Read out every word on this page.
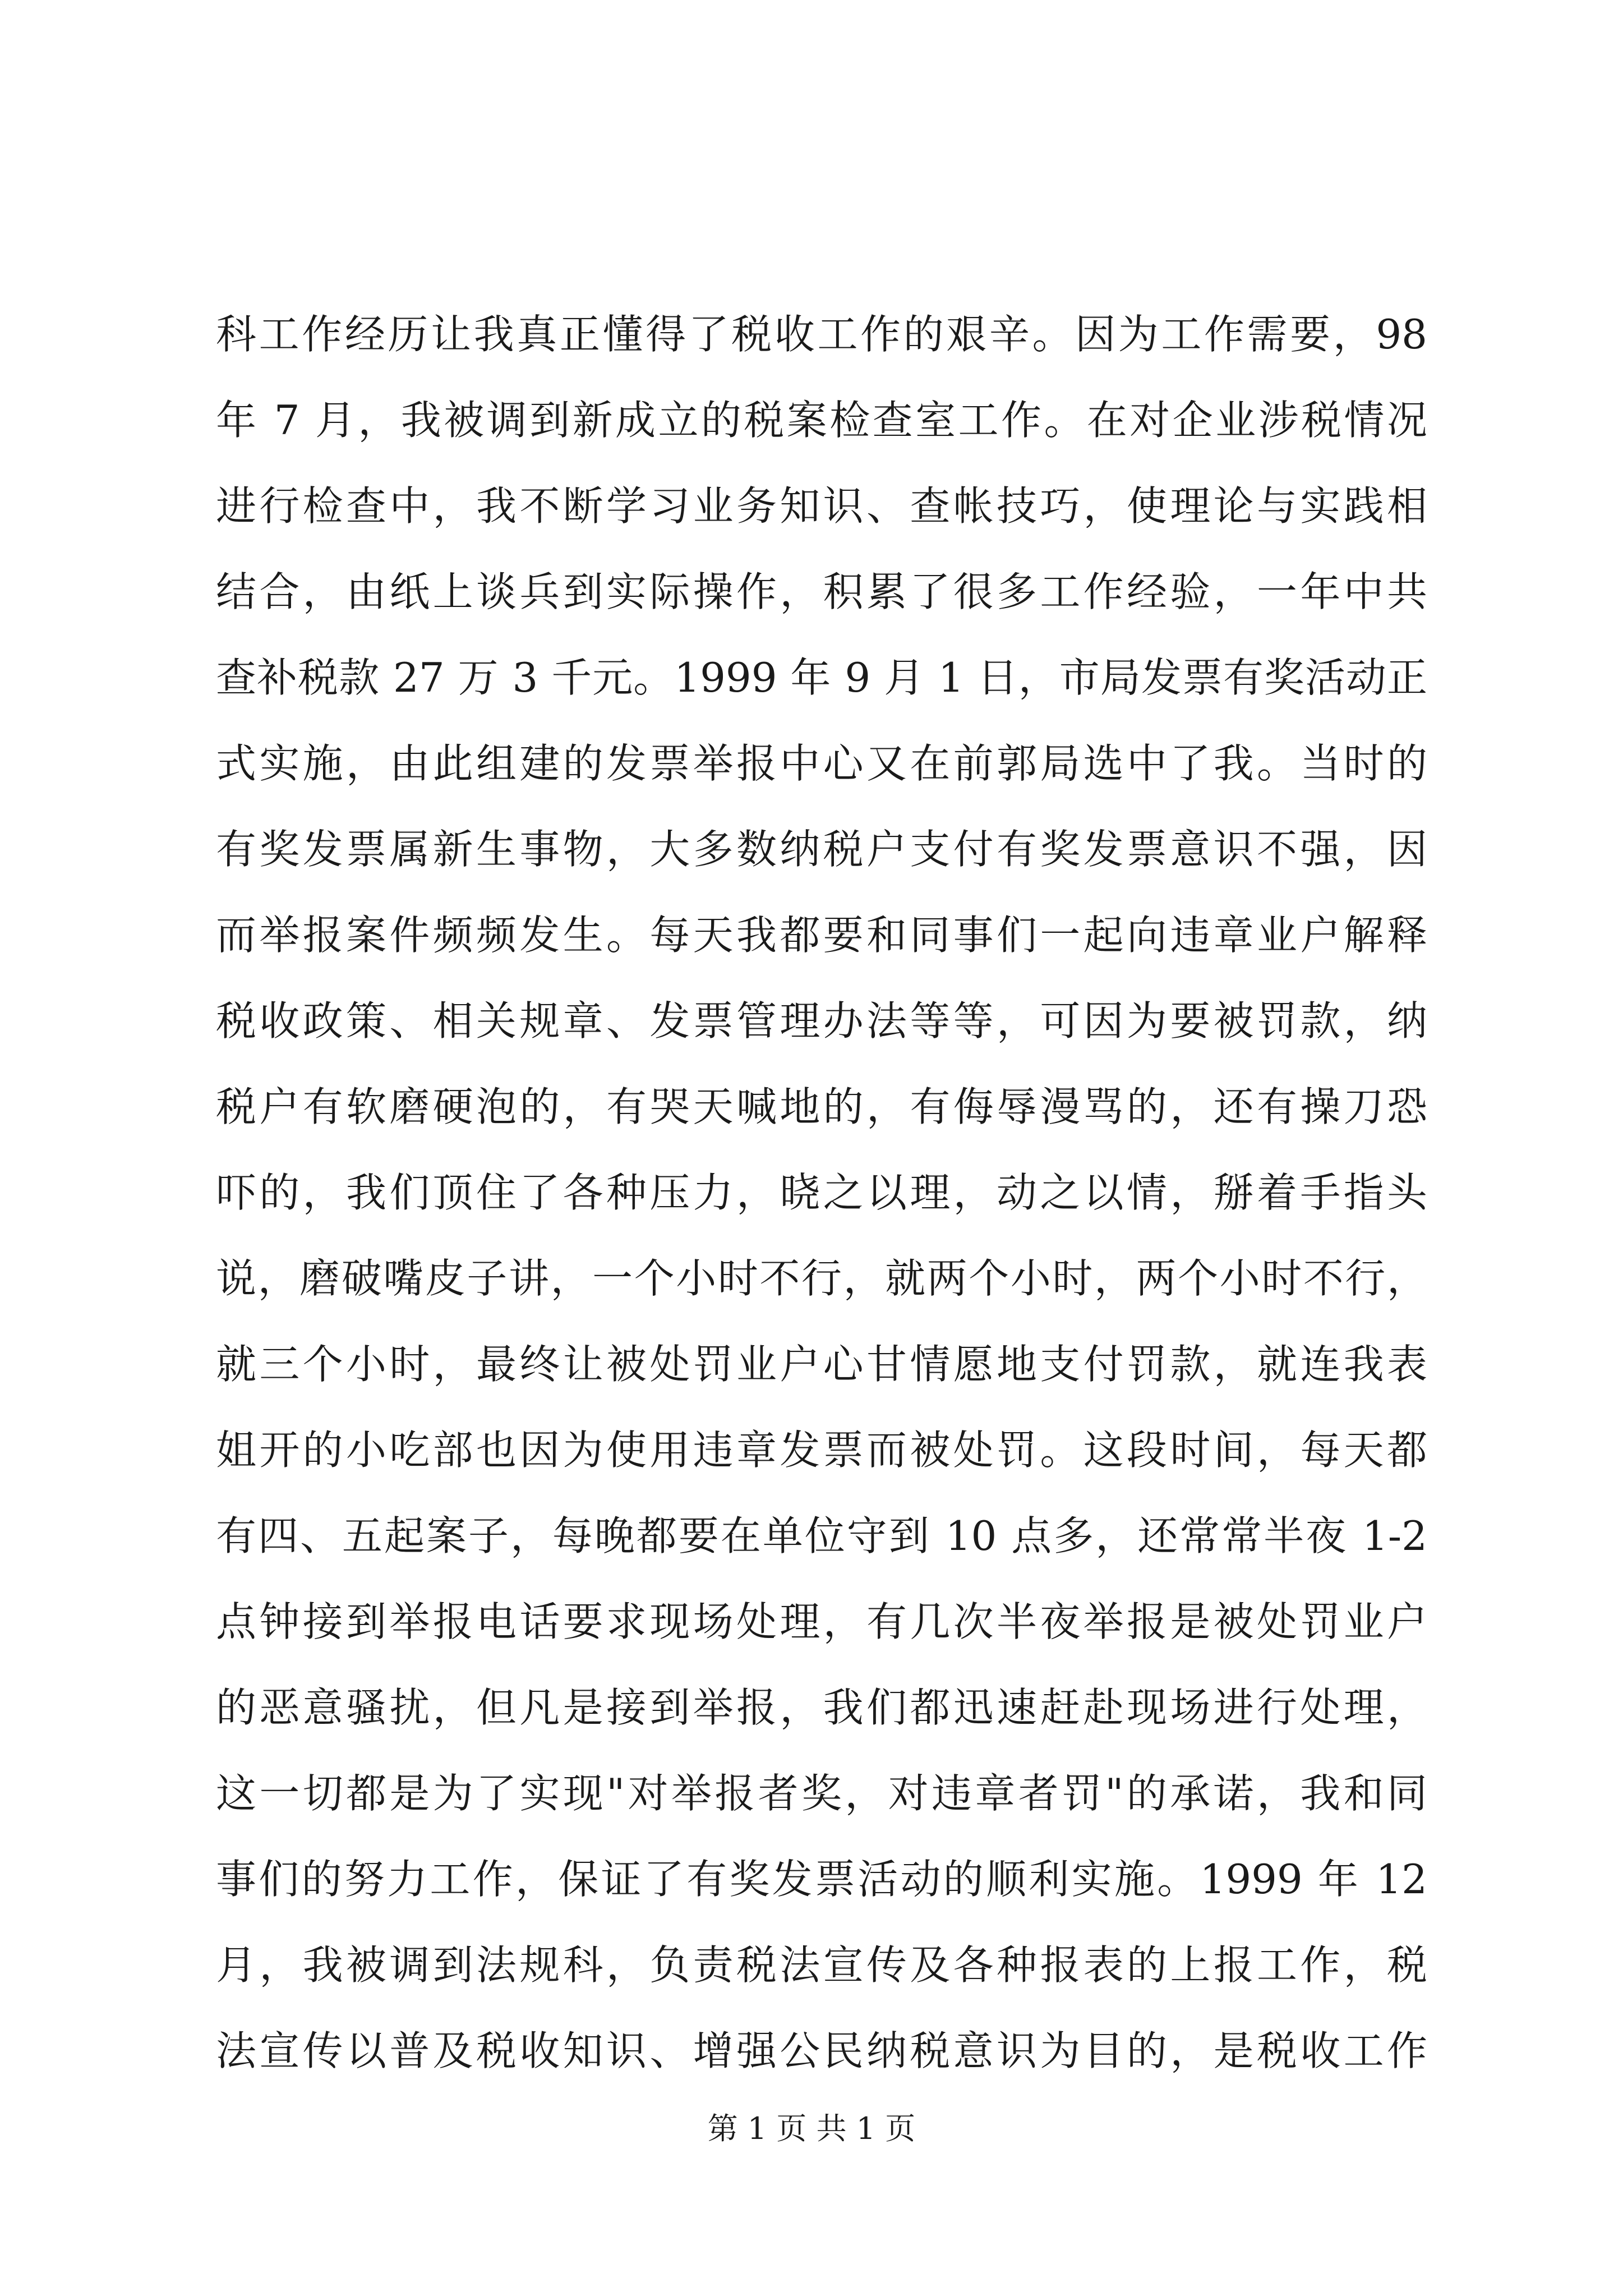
科工作经历让我真正懂得了税收工作的艰辛。因为工作需要，98
年 7 月，我被调到新成立的税案检查室工作。在对企业涉税情况
进行检查中，我不断学习业务知识、查帐技巧，使理论与实践相
结合，由纸上谈兵到实际操作，积累了很多工作经验，一年中共
查补税款 27 万 3 千元。1999 年 9 月 1 日，市局发票有奖活动正
式实施，由此组建的发票举报中心又在前郭局选中了我。当时的
有奖发票属新生事物，大多数纳税户支付有奖发票意识不强，因
而举报案件频频发生。每天我都要和同事们一起向违章业户解释
税收政策、相关规章、发票管理办法等等，可因为要被罚款，纳
税户有软磨硬泡的，有哭天喊地的，有侮辱漫骂的，还有操刀恐
吓的，我们顶住了各种压力，晓之以理，动之以情，掰着手指头
说，磨破嘴皮子讲，一个小时不行，就两个小时，两个小时不行，
就三个小时，最终让被处罚业户心甘情愿地支付罚款，就连我表
姐开的小吃部也因为使用违章发票而被处罚。这段时间，每天都
有四、五起案子，每晚都要在单位守到 10 点多，还常常半夜 1-2
点钟接到举报电话要求现场处理，有几次半夜举报是被处罚业户
的恶意骚扰，但凡是接到举报，我们都迅速赶赴现场进行处理，
这一切都是为了实现"对举报者奖，对违章者罚"的承诺，我和同
事们的努力工作，保证了有奖发票活动的顺利实施。1999 年 12
月，我被调到法规科，负责税法宣传及各种报表的上报工作，税
法宣传以普及税收知识、增强公民纳税意识为目的，是税收工作
第 1 页 共 1 页
